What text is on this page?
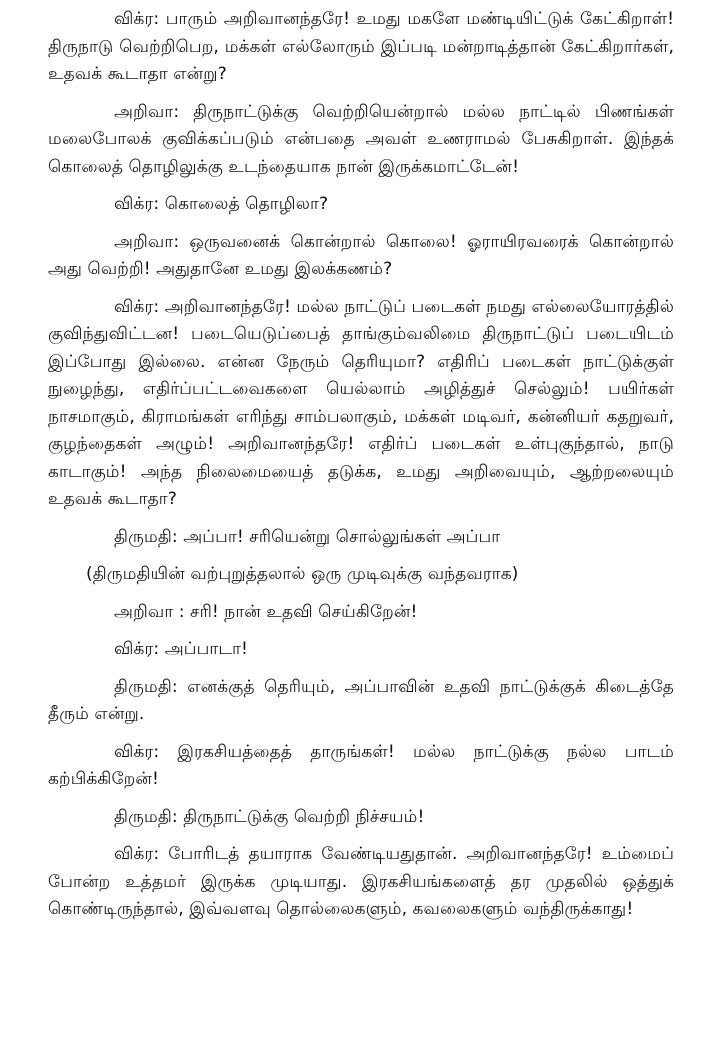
விக்ர: பாரும் அறிவானந்தரே! உமது மகளே மண்டியிட்டுக் கேட்கிறாள்! திருநாடு வெற்றிபெற, மக்கள் எல்லோரும் இப்படி மன்றாடித்தான் கேட்கிறார்கள், உதவக் கூடாதா என்று?

அறிவா: திருநாட்டுக்கு வெற்றியென்றால் மல்ல நாட்டில் பிணங்கள் மலைபோலக் குவிக்கப்படும் என்பதை அவள் உணராமல் பேசுகிறாள். இந்தக் கொலைத் தொழிலுக்கு உடந்தையாக நான் இருக்கமாட்டேன்!

விக்ர: கொலைத் தொழிலா?

அறிவா: ஒருவனைக் கொன்றால் கொலை! ஓராயிரவரைக் கொன்றால் அது வெற்றி! அதுதானே உமது இலக்கணம்?

விக்ர: அறிவானந்தரே! மல்ல நாட்டுப் படைகள் நமது எல்லையோரத்தில் குவிந்துவிட்டன! படையெடுப்பைத் தாங்கும்வலிமை திருநாட்டுப் படையிடம் இப்போது இல்லை. என்ன நேரும் தெரியுமா? எதிரிப் படைகள் நாட்டுக்குள் நுழைந்து, எதிர்ப்பட்டவைகளை யெல்லாம் அழித்துச் செல்லும்! பயிர்கள் நாசமாகும், கிராமங்கள் எரிந்து சாம்பலாகும், மக்கள் மடிவர், கன்னியர் கதறுவர், குழந்தைகள் அழும்! அறிவானந்தரே! எதிர்ப் படைகள் உள்புகுந்தால், நாடு காடாகும்! அந்த நிலைமையைத் தடுக்க, உமது அறிவையும், ஆற்றலையும் உதவக் கூடாதா?

திருமதி: அப்பா! சரியென்று சொல்லுங்கள் அப்பா

(திருமதியின் வற்புறுத்தலால் ஒரு முடிவுக்கு வந்தவராக)

அறிவா : சரி! நான் உதவி செய்கிறேன்!

விக்ர: அப்பாடா!

திருமதி: எனக்குத் தெரியும், அப்பாவின் உதவி நாட்டுக்குக் கிடைத்தே தீரும் என்று.

விக்ர: இரகசியத்தைத் தாருங்கள்! மல்ல நாட்டுக்கு நல்ல பாடம் கற்பிக்கிறேன்!

திருமதி: திருநாட்டுக்கு வெற்றி நிச்சயம்!

விக்ர: போரிடத் தயாராக வேண்டியதுதான். அறிவானந்தரே! உம்மைப் போன்ற உத்தமர் இருக்க முடியாது. இரகசியங்களைத் தர முதலில் ஒத்துக் கொண்டிருந்தால், இவ்வளவு தொல்லைகளும், கவலைகளும் வந்திருக்காது!
